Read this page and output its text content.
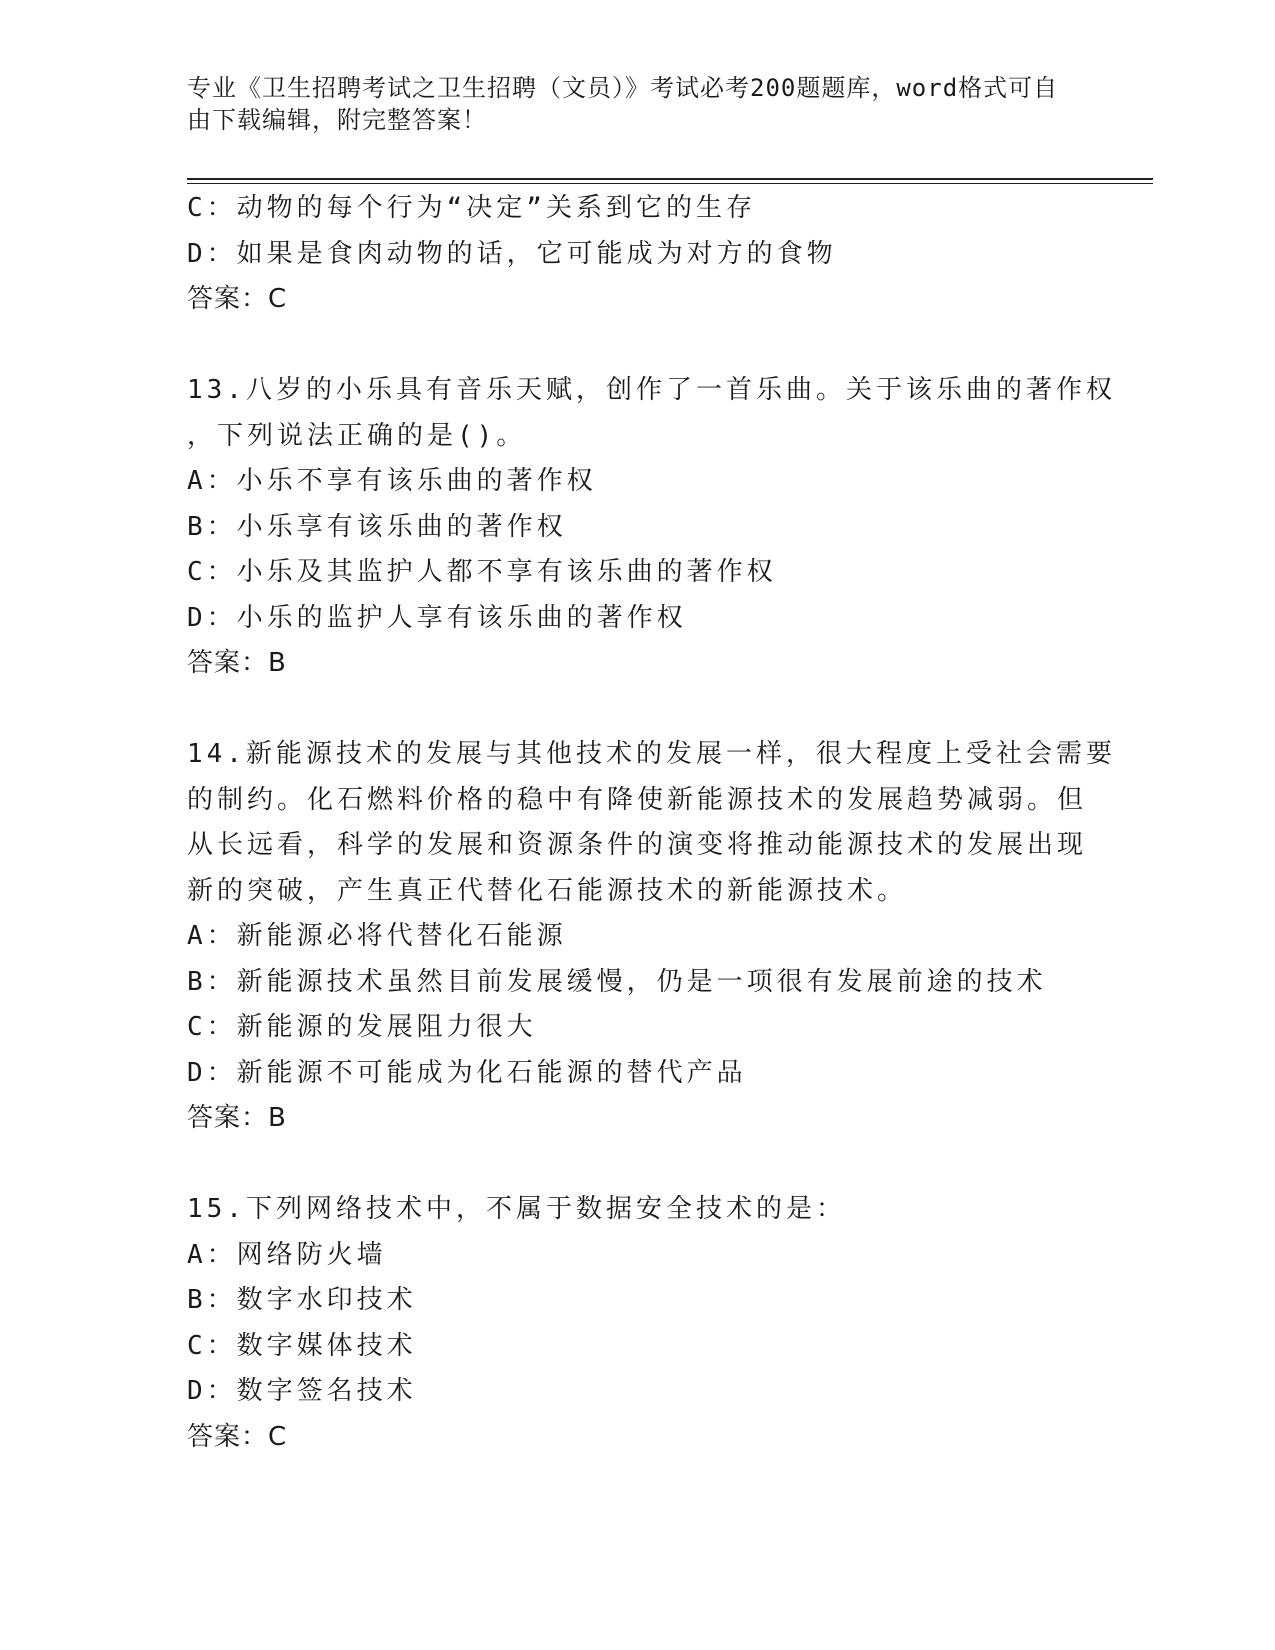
专业《卫生招聘考试之卫生招聘（文员）》考试必考200题题库，word格式可自
由下载编辑，附完整答案！
C：动物的每个行为“决定”关系到它的生存
D：如果是食肉动物的话，它可能成为对方的食物
答案：C
13.八岁的小乐具有音乐天赋，创作了一首乐曲。关于该乐曲的著作权
，下列说法正确的是()。
A：小乐不享有该乐曲的著作权
B：小乐享有该乐曲的著作权
C：小乐及其监护人都不享有该乐曲的著作权
D：小乐的监护人享有该乐曲的著作权
答案：B
14.新能源技术的发展与其他技术的发展一样，很大程度上受社会需要
的制约。化石燃料价格的稳中有降使新能源技术的发展趋势减弱。但
从长远看，科学的发展和资源条件的演变将推动能源技术的发展出现
新的突破，产生真正代替化石能源技术的新能源技术。
A：新能源必将代替化石能源
B：新能源技术虽然目前发展缓慢，仍是一项很有发展前途的技术
C：新能源的发展阻力很大
D：新能源不可能成为化石能源的替代产品
答案：B
15.下列网络技术中，不属于数据安全技术的是：
A：网络防火墙
B：数字水印技术
C：数字媒体技术
D：数字签名技术
答案：C
